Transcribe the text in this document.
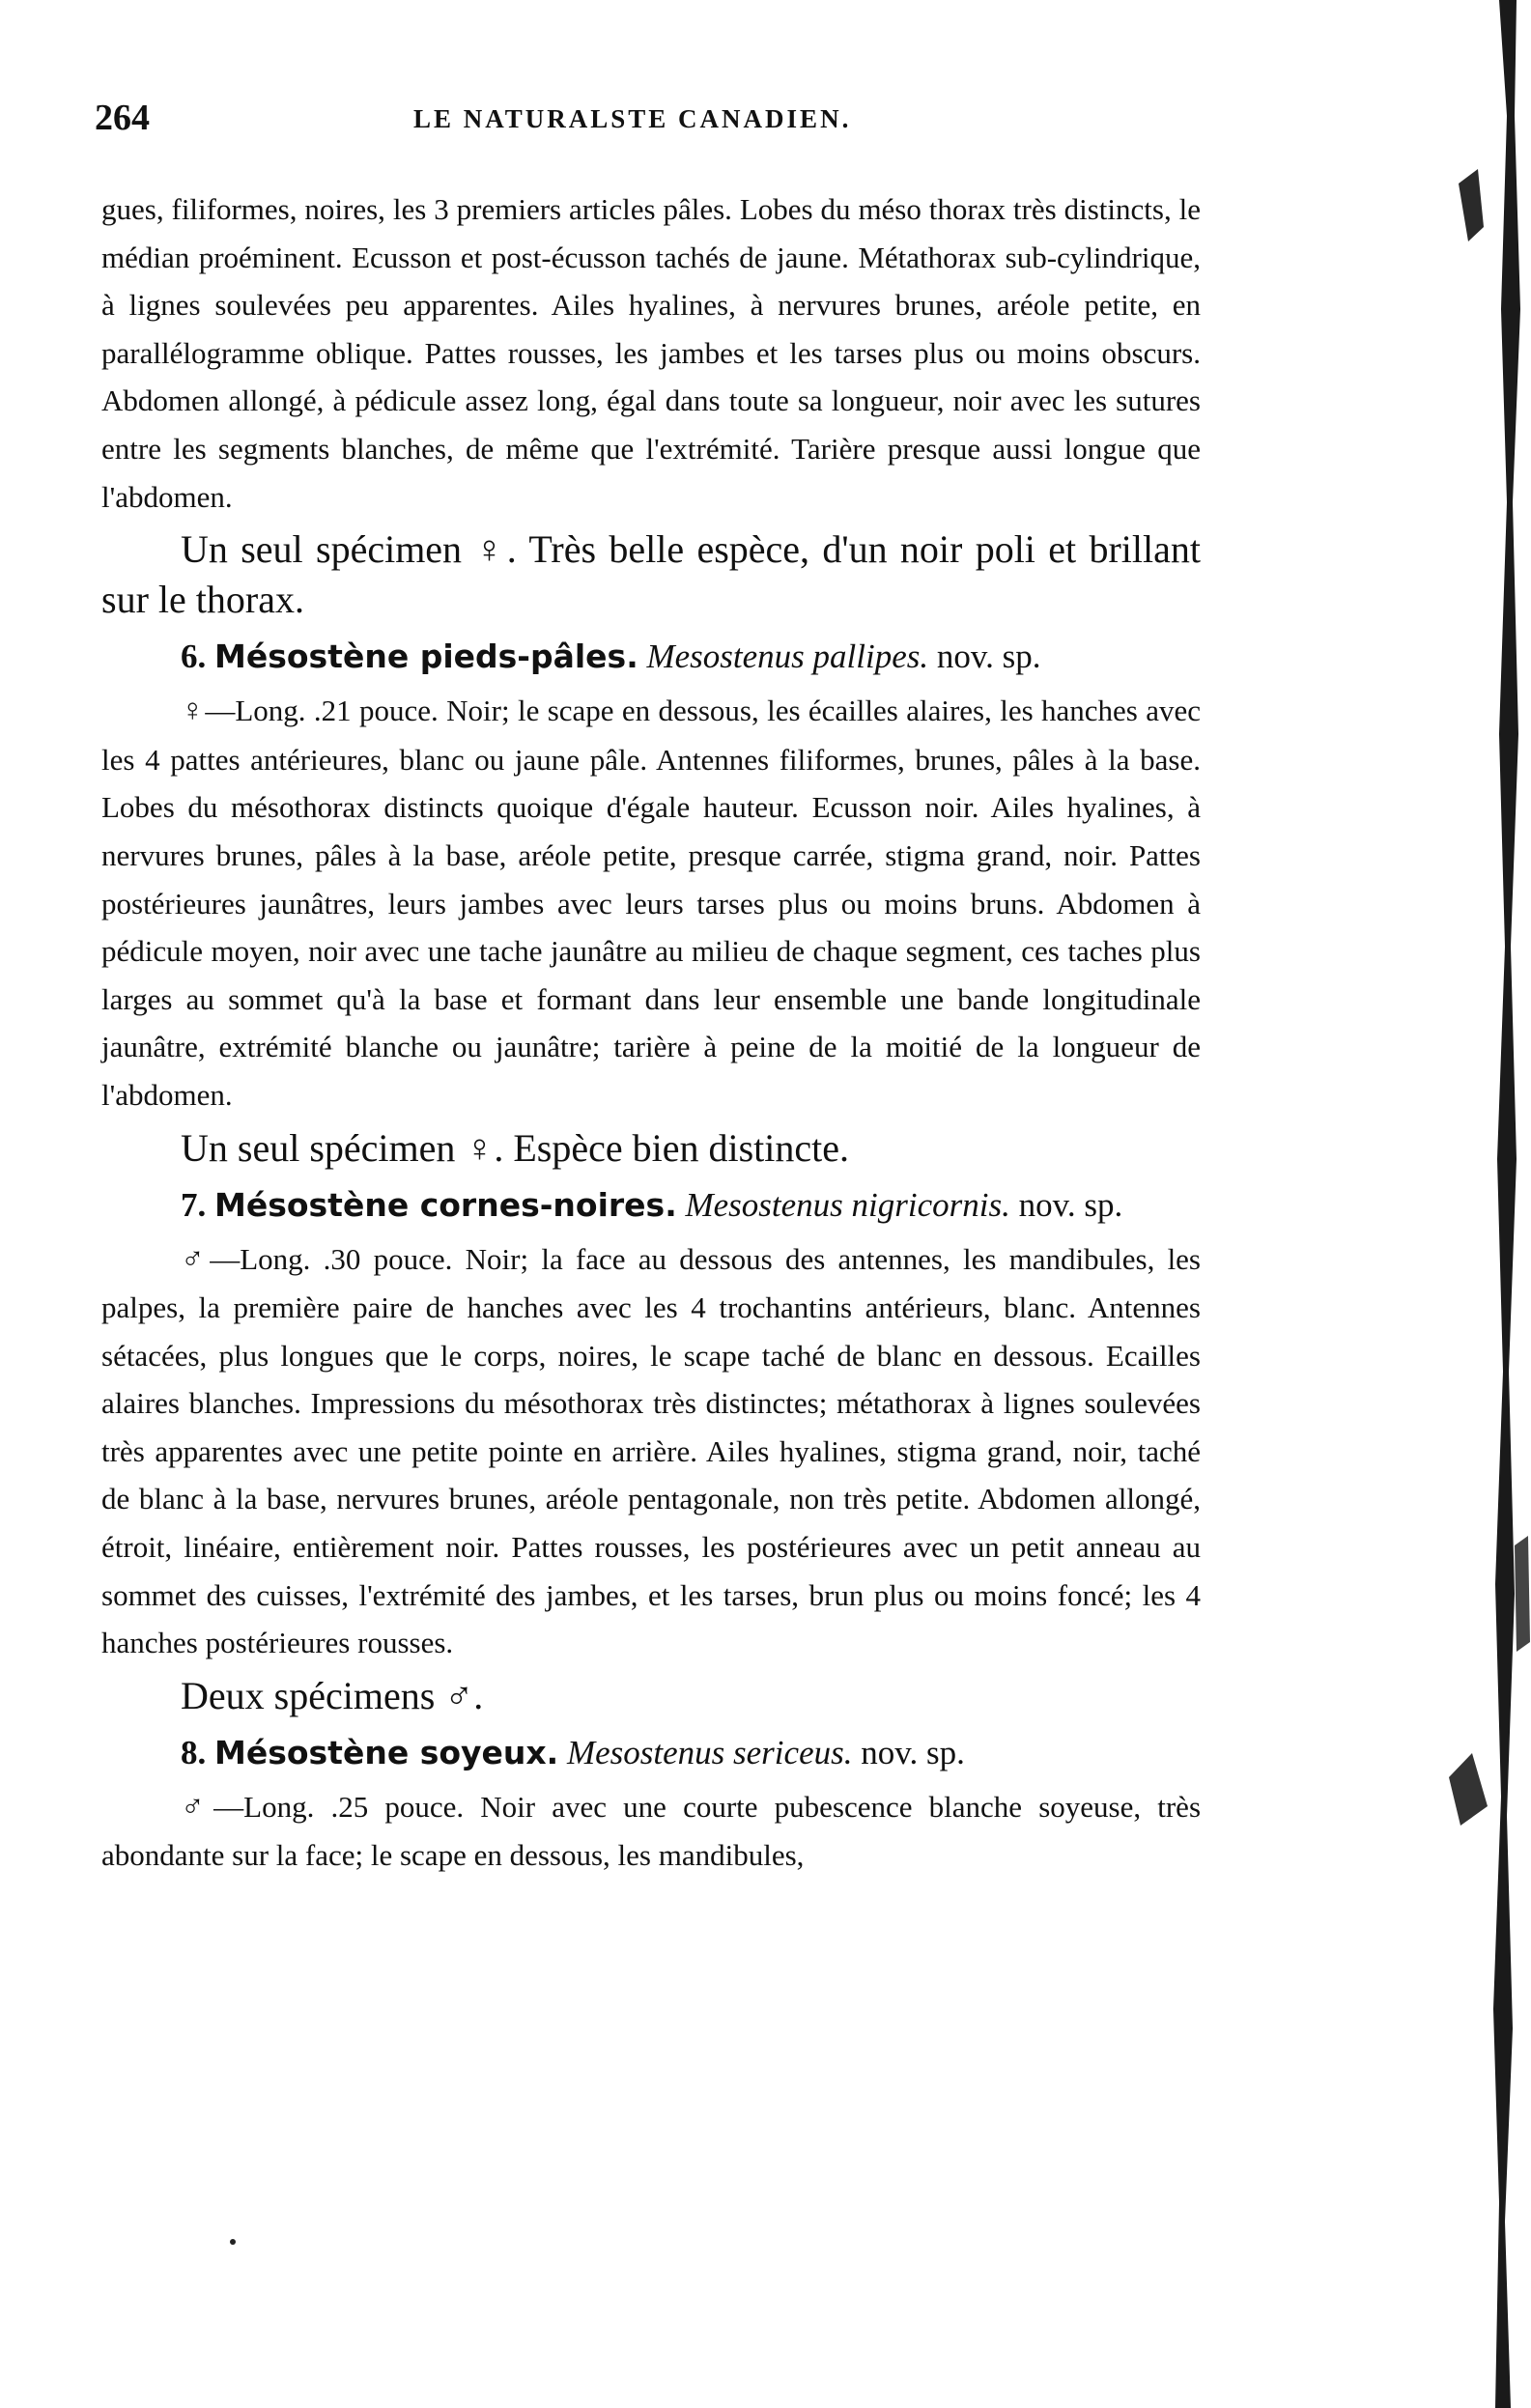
264	LE NATURALSTE CANADIEN.

gues, filiformes, noires, les 3 premiers articles pâles. Lobes du méso thorax très distincts, le médian proéminent. Ecusson et post-écusson tachés de jaune. Métathorax sub-cylindrique, à lignes soulevées peu apparentes. Ailes hyalines, à nervures brunes, aréole petite, en parallélogramme oblique. Pattes rousses, les jambes et les tarses plus ou moins obscurs. Abdomen allongé, à pédicule assez long, égal dans toute sa longueur, noir avec les sutures entre les segments blanches, de même que l'extrémité. Tarière presque aussi longue que l'abdomen.

Un seul spécimen ♀. Très belle espèce, d'un noir poli et brillant sur le thorax.

6. Mésostène pieds-pâles. Mesostenus pallipes. nov. sp.

♀—Long. .21 pouce. Noir; le scape en dessous, les écailles alaires, les hanches avec les 4 pattes antérieures, blanc ou jaune pâle. Antennes filiformes, brunes, pâles à la base. Lobes du mésothorax distincts quoique d'égale hauteur. Ecusson noir. Ailes hyalines, à nervures brunes, pâles à la base, aréole petite, presque carrée, stigma grand, noir. Pattes postérieures jaunâtres, leurs jambes avec leurs tarses plus ou moins bruns. Abdomen à pédicule moyen, noir avec une tache jaunâtre au milieu de chaque segment, ces taches plus larges au sommet qu'à la base et formant dans leur ensemble une bande longitudinale jaunâtre, extrémité blanche ou jaunâtre; tarière à peine de la moitié de la longueur de l'abdomen.

Un seul spécimen ♀. Espèce bien distincte.

7. Mésostène cornes-noires. Mesostenus nigricornis. nov. sp.

♂—Long. .30 pouce. Noir; la face au dessous des antennes, les mandibules, les palpes, la première paire de hanches avec les 4 trochantins antérieurs, blanc. Antennes sétacées, plus longues que le corps, noires, le scape taché de blanc en dessous. Ecailles alaires blanches. Impressions du mésothorax très distinctes; métathorax à lignes soulevées très apparentes avec une petite pointe en arrière. Ailes hyalines, stigma grand, noir, taché de blanc à la base, nervures brunes, aréole pentagonale, non très petite. Abdomen allongé, étroit, linéaire, entièrement noir. Pattes rousses, les postérieures avec un petit anneau au sommet des cuisses, l'extrémité des jambes, et les tarses, brun plus ou moins foncé; les 4 hanches postérieures rousses.

Deux spécimens ♂.

8. Mésostène soyeux. Mesostenus sericeus. nov. sp.

♂—Long. .25 pouce. Noir avec une courte pubescence blanche soyeuse, très abondante sur la face; le scape en dessous, les mandibules,
